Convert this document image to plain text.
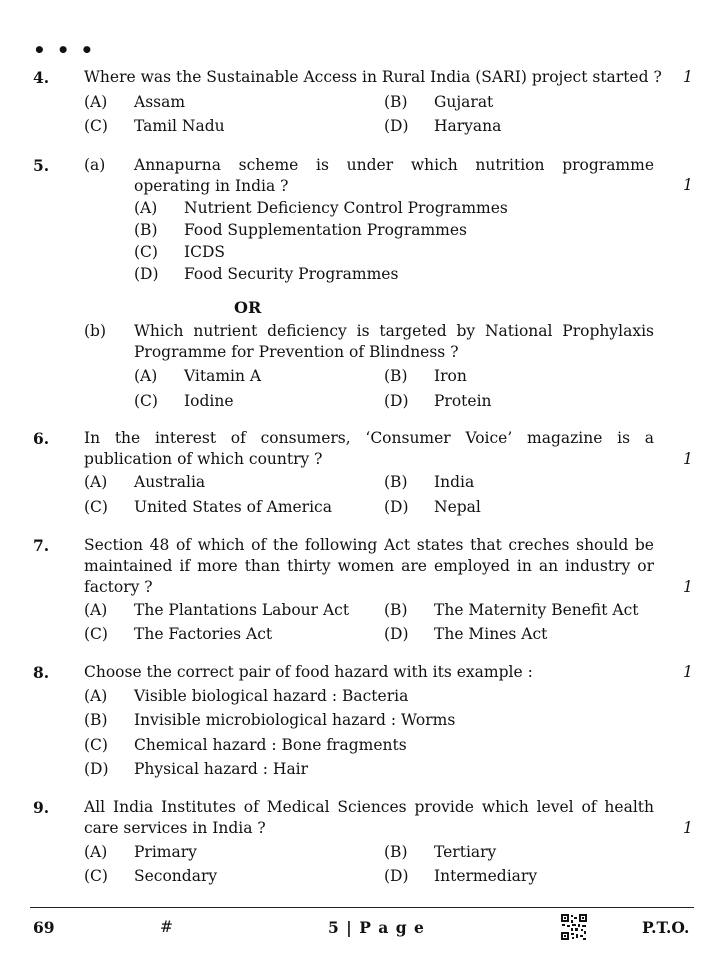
• • •
4. Where was the Sustainable Access in Rural India (SARI) project started ? 1
(A) Assam	(B) Gujarat
(C) Tamil Nadu	(D) Haryana
5. (a) Annapurna scheme is under which nutrition programme operating in India ?	1
(A) Nutrient Deficiency Control Programmes
(B) Food Supplementation Programmes
(C) ICDS
(D) Food Security Programmes
OR
(b) Which nutrient deficiency is targeted by National Prophylaxis Programme for Prevention of Blindness ?
(A) Vitamin A	(B) Iron
(C) Iodine	(D) Protein
6. In the interest of consumers, ‘Consumer Voice’ magazine is a publication of which country ?	1
(A) Australia	(B) India
(C) United States of America	(D) Nepal
7. Section 48 of which of the following Act states that creches should be maintained if more than thirty women are employed in an industry or factory ?	1
(A) The Plantations Labour Act (B) The Maternity Benefit Act
(C) The Factories Act	(D) The Mines Act
8. Choose the correct pair of food hazard with its example :	1
(A) Visible biological hazard : Bacteria
(B) Invisible microbiological hazard : Worms
(C) Chemical hazard : Bone fragments
(D) Physical hazard : Hair
9. All India Institutes of Medical Sciences provide which level of health care services in India ?	1
(A) Primary	(B) Tertiary
(C) Secondary	(D) Intermediary
69	#	5 | P a g e	P.T.O.
